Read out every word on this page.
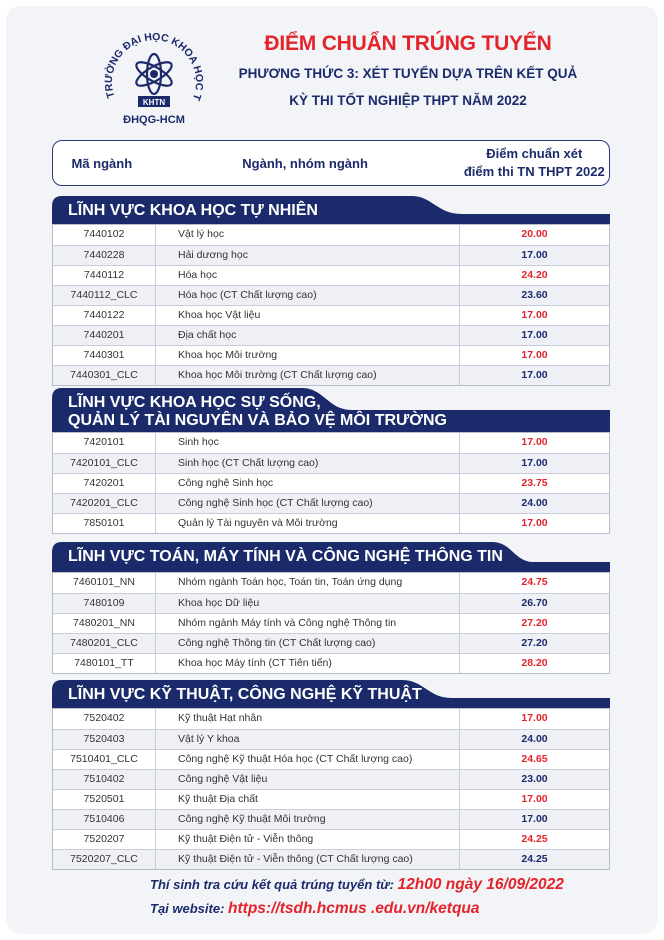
TRƯỜNG ĐẠI HỌC KHOA HỌC T
KHTN
ĐHQG-HCM
ĐIỂM CHUẨN TRÚNG TUYỂN
PHƯƠNG THỨC 3: XÉT TUYỂN DỰA TRÊN KẾT QUẢ
KỲ THI TỐT NGHIỆP THPT NĂM 2022
Mã ngành	Ngành, nhóm ngành
Điểm chuẩn xét
điểm thi TN THPT 2022
LĨNH VỰC KHOA HỌC TỰ NHIÊN
7440102	Vật lý học	20.00
7440228	Hải dương học	17.00
7440112	Hóa học	24.20
7440112_CLC	Hóa học (CT Chất lượng cao)	23.60
7440122	Khoa học Vật liệu	17.00
7440201	Địa chất học	17.00
7440301	Khoa học Môi trường	17.00
7440301_CLC	Khoa học Môi trường (CT Chất lượng cao)	17.00
LĨNH VỰC KHOA HỌC SỰ SỐNG,
QUẢN LÝ TÀI NGUYÊN VÀ BẢO VỆ MÔI TRƯỜNG
7420101	Sinh học	17.00
7420101_CLC	Sinh học (CT Chất lượng cao)	17.00
7420201	Công nghệ Sinh học	23.75
7420201_CLC	Công nghệ Sinh học (CT Chất lượng cao)	24.00
7850101	Quản lý Tài nguyên và Môi trường	17.00
LĨNH VỰC TOÁN, MÁY TÍNH VÀ CÔNG NGHỆ THÔNG TIN
7460101_NN	Nhóm ngành Toán học, Toán tin, Toán ứng dụng	24.75
7480109	Khoa học Dữ liệu	26.70
7480201_NN	Nhóm ngành Máy tính và Công nghệ Thông tin	27.20
7480201_CLC	Công nghệ Thông tin (CT Chất lượng cao)	27.20
7480101_TT	Khoa học Máy tính (CT Tiên tiến)	28.20
LĨNH VỰC KỸ THUẬT, CÔNG NGHỆ KỸ THUẬT
7520402	Kỹ thuật Hạt nhân	17.00
7520403	Vật lý Y khoa	24.00
7510401_CLC	Công nghệ Kỹ thuật Hóa học (CT Chất lượng cao)	24.65
7510402	Công nghệ Vật liệu	23.00
7520501	Kỹ thuật Địa chất	17.00
7510406	Công nghệ Kỹ thuật Môi trường	17.00
7520207	Kỹ thuật Điện tử - Viễn thông	24.25
7520207_CLC	Kỹ thuật Điện tử - Viễn thông (CT Chất lượng cao)	24.25
Thí sinh tra cứu kết quả trúng tuyển từ: 12h00 ngày 16/09/2022
Tại website: https://tsdh.hcmus .edu.vn/ketqua
